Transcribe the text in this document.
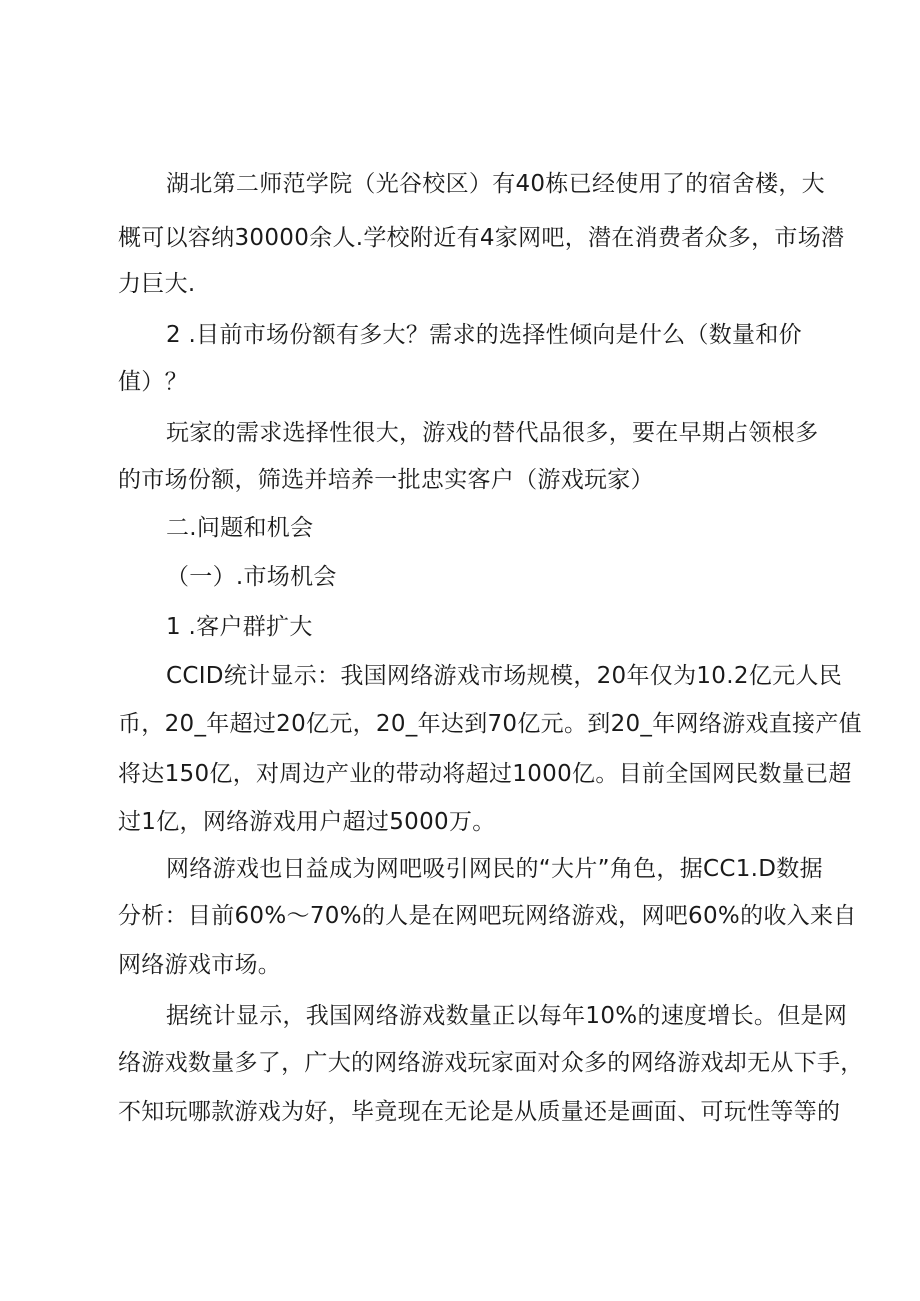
湖北第二师范学院（光谷校区）有40栋已经使用了的宿舍楼，大
概可以容纳30000余人.学校附近有4家网吧，潜在消费者众多，市场潜
力巨大.
2 .目前市场份额有多大？需求的选择性倾向是什么（数量和价
值）？
玩家的需求选择性很大，游戏的替代品很多，要在早期占领根多
的市场份额，筛选并培养一批忠实客户（游戏玩家）
二.问题和机会
（一）.市场机会
1 .客户群扩大
CCID统计显示：我国网络游戏市场规模，20年仅为10.2亿元人民
币，20_年超过20亿元，20_年达到70亿元。到20_年网络游戏直接产值
将达150亿，对周边产业的带动将超过1000亿。目前全国网民数量已超
过1亿，网络游戏用户超过5000万。
网络游戏也日益成为网吧吸引网民的“大片”角色，据CC1.D数据
分析：目前60%〜70%的人是在网吧玩网络游戏，网吧60%的收入来自
网络游戏市场。
据统计显示，我国网络游戏数量正以每年10%的速度增长。但是网
络游戏数量多了，广大的网络游戏玩家面对众多的网络游戏却无从下手，
不知玩哪款游戏为好，毕竟现在无论是从质量还是画面、可玩性等等的
